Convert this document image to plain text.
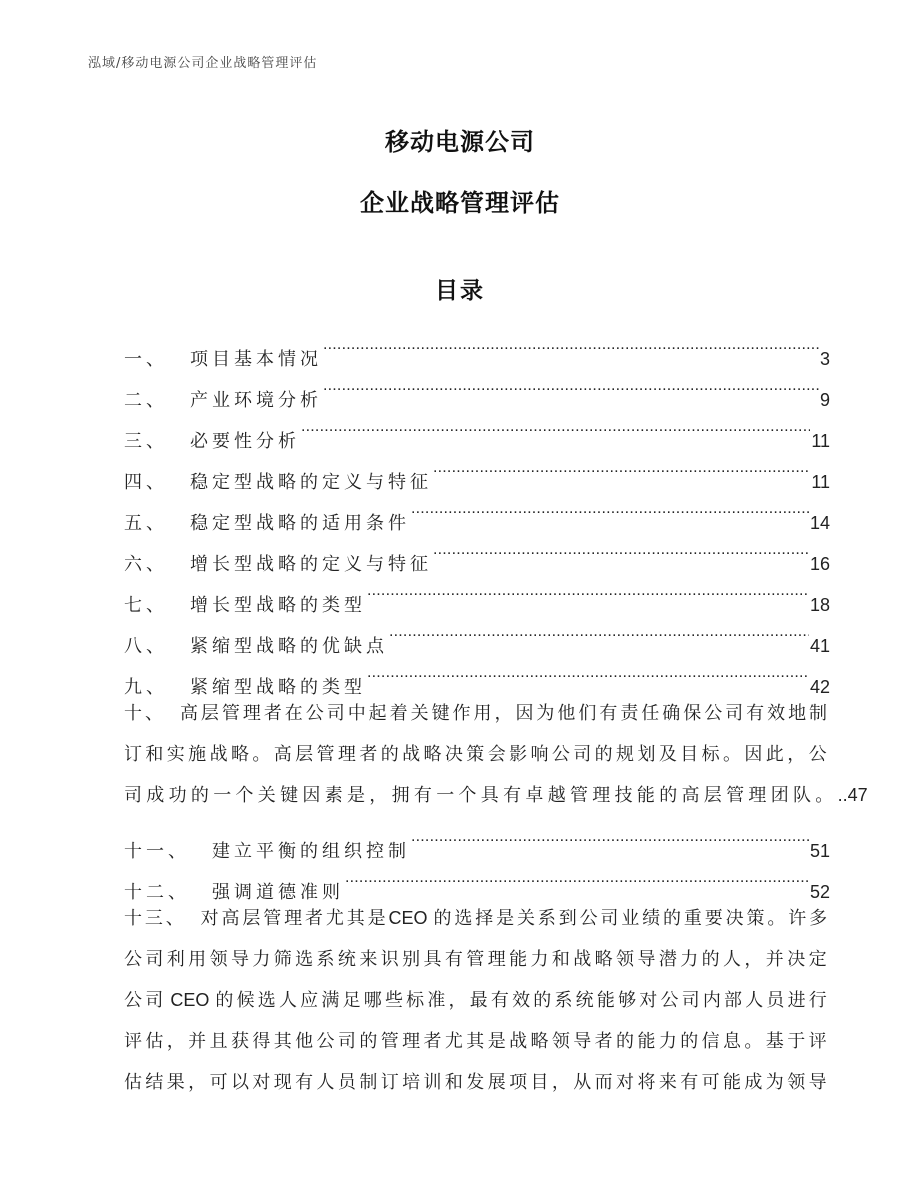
泓域/移动电源公司企业战略管理评估
移动电源公司
企业战略管理评估
目录
一、 项目基本情况 .....	3
二、 产业环境分析 .....	9
三、 必要性分析 .....	11
四、 稳定型战略的定义与特征 .....	11
五、 稳定型战略的适用条件 .....	14
六、 增长型战略的定义与特征 .....	16
七、 增长型战略的类型 .....	18
八、 紧缩型战略的优缺点 .....	41
九、 紧缩型战略的类型 .....	42
十、 高层管理者在公司中起着关键作用，因为他们有责任确保公司有效地制
订和实施战略。高层管理者的战略决策会影响公司的规划及目标。因此，公
司成功的一个关键因素是，拥有一个具有卓越管理技能的高层管理团队。 .. 47
十一、 建立平衡的组织控制 .....	51
十二、 强调道德准则 .....	52
十三、 对高层管理者尤其是CEO 的选择是关系到公司业绩的重要决策。许多
公司利用领导力筛选系统来识别具有管理能力和战略领导潜力的人，并决定
公司 CEO 的候选人应满足哪些标准，最有效的系统能够对公司内部人员进行
评估，并且获得其他公司的管理者尤其是战略领导者的能力的信息。基于评
估结果，可以对现有人员制订培训和发展项目，从而对将来有可能成为领导
